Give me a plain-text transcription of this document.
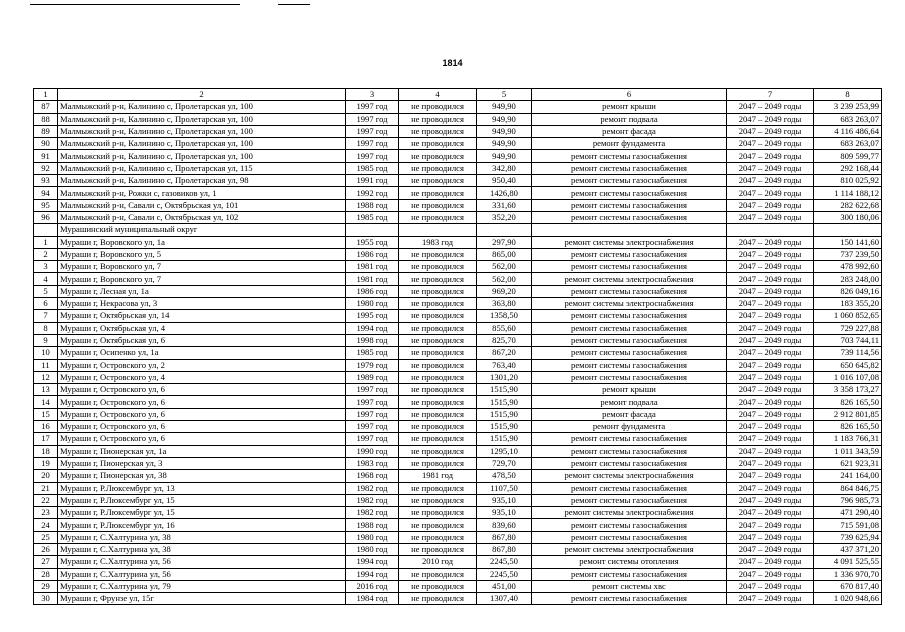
1814
1	2	3	4	5	6	7	8
87	Малмыжский р-н, Калинино с, Пролетарская ул, 100	1997 год	не проводился	949,90	ремонт крыши	2047 – 2049 годы	3 239 253,99
88	Малмыжский р-н, Калинино с, Пролетарская ул, 100	1997 год	не проводился	949,90	ремонт подвала	2047 – 2049 годы	683 263,07
89	Малмыжский р-н, Калинино с, Пролетарская ул, 100	1997 год	не проводился	949,90	ремонт фасада	2047 – 2049 годы	4 116 486,64
90	Малмыжский р-н, Калинино с, Пролетарская ул, 100	1997 год	не проводился	949,90	ремонт фундамента	2047 – 2049 годы	683 263,07
91	Малмыжский р-н, Калинино с, Пролетарская ул, 100	1997 год	не проводился	949,90	ремонт системы газоснабжения	2047 – 2049 годы	809 599,77
92	Малмыжский р-н, Калинино с, Пролетарская ул, 115	1985 год	не проводился	342,80	ремонт системы газоснабжения	2047 – 2049 годы	292 168,44
93	Малмыжский р-н, Калинино с, Пролетарская ул, 98	1991 год	не проводился	950,40	ремонт системы газоснабжения	2047 – 2049 годы	810 025,92
94	Малмыжский р-н, Рожки с, газовиков ул, 1	1992 год	не проводился	1426,80	ремонт системы газоснабжения	2047 – 2049 годы	1 114 188,12
95	Малмыжский р-н, Савали с, Октябрьская ул, 101	1988 год	не проводился	331,60	ремонт системы газоснабжения	2047 – 2049 годы	282 622,68
96	Малмыжский р-н, Савали с, Октябрьская ул, 102	1985 год	не проводился	352,20	ремонт системы газоснабжения	2047 – 2049 годы	300 180,06
	Мурашинский муниципальный округ						
1	Мураши г, Воровского ул, 1а	1955 год	1983 год	297,90	ремонт системы электроснабжения	2047 – 2049 годы	150 141,60
2	Мураши г, Воровского ул, 5	1986 год	не проводился	865,00	ремонт системы газоснабжения	2047 – 2049 годы	737 239,50
3	Мураши г, Воровского ул, 7	1981 год	не проводился	562,00	ремонт системы газоснабжения	2047 – 2049 годы	478 992,60
4	Мураши г, Воровского ул, 7	1981 год	не проводился	562,00	ремонт системы электроснабжения	2047 – 2049 годы	283 248,00
5	Мураши г, Лесная ул, 1а	1986 год	не проводился	969,20	ремонт системы газоснабжения	2047 – 2049 годы	826 049,16
6	Мураши г, Некрасова ул, 3	1980 год	не проводился	363,80	ремонт системы электроснабжения	2047 – 2049 годы	183 355,20
7	Мураши г, Октябрьская ул, 14	1995 год	не проводился	1358,50	ремонт системы газоснабжения	2047 – 2049 годы	1 060 852,65
8	Мураши г, Октябрьская ул, 4	1994 год	не проводился	855,60	ремонт системы газоснабжения	2047 – 2049 годы	729 227,88
9	Мураши г, Октябрьская ул, 6	1998 год	не проводился	825,70	ремонт системы газоснабжения	2047 – 2049 годы	703 744,11
10	Мураши г, Осипенко ул, 1а	1985 год	не проводился	867,20	ремонт системы газоснабжения	2047 – 2049 годы	739 114,56
11	Мураши г, Островского ул, 2	1979 год	не проводился	763,40	ремонт системы газоснабжения	2047 – 2049 годы	650 645,82
12	Мураши г, Островского ул, 4	1989 год	не проводился	1301,20	ремонт системы газоснабжения	2047 – 2049 годы	1 016 107,08
13	Мураши г, Островского ул, 6	1997 год	не проводился	1515,90	ремонт крыши	2047 – 2049 годы	3 358 173,27
14	Мураши г, Островского ул, 6	1997 год	не проводился	1515,90	ремонт подвала	2047 – 2049 годы	826 165,50
15	Мураши г, Островского ул, 6	1997 год	не проводился	1515,90	ремонт фасада	2047 – 2049 годы	2 912 801,85
16	Мураши г, Островского ул, 6	1997 год	не проводился	1515,90	ремонт фундамента	2047 – 2049 годы	826 165,50
17	Мураши г, Островского ул, 6	1997 год	не проводился	1515,90	ремонт системы газоснабжения	2047 – 2049 годы	1 183 766,31
18	Мураши г, Пионерская ул, 1а	1990 год	не проводился	1295,10	ремонт системы газоснабжения	2047 – 2049 годы	1 011 343,59
19	Мураши г, Пионерская ул, 3	1983 год	не проводился	729,70	ремонт системы газоснабжения	2047 – 2049 годы	621 923,31
20	Мураши г, Пионерская ул, 38	1968 год	1981 год	478,50	ремонт системы электроснабжения	2047 – 2049 годы	241 164,00
21	Мураши г, Р.Люксембург ул, 13	1982 год	не проводился	1107,50	ремонт системы газоснабжения	2047 – 2049 годы	864 846,75
22	Мураши г, Р.Люксембург ул, 15	1982 год	не проводился	935,10	ремонт системы газоснабжения	2047 – 2049 годы	796 985,73
23	Мураши г, Р.Люксембург ул, 15	1982 год	не проводился	935,10	ремонт системы электроснабжения	2047 – 2049 годы	471 290,40
24	Мураши г, Р.Люксембург ул, 16	1988 год	не проводился	839,60	ремонт системы газоснабжения	2047 – 2049 годы	715 591,08
25	Мураши г, С.Халтурина ул, 38	1980 год	не проводился	867,80	ремонт системы газоснабжения	2047 – 2049 годы	739 625,94
26	Мураши г, С.Халтурина ул, 38	1980 год	не проводился	867,80	ремонт системы электроснабжения	2047 – 2049 годы	437 371,20
27	Мураши г, С.Халтурина ул, 56	1994 год	2010 год	2245,50	ремонт системы отопления	2047 – 2049 годы	4 091 525,55
28	Мураши г, С.Халтурина ул, 56	1994 год	не проводился	2245,50	ремонт системы газоснабжения	2047 – 2049 годы	1 336 970,70
29	Мураши г, С.Халтурина ул, 79	2016 год	не проводился	451,00	ремонт системы хвс	2047 – 2049 годы	670 817,40
30	Мураши г, Фрунзе ул, 15г	1984 год	не проводился	1307,40	ремонт системы газоснабжения	2047 – 2049 годы	1 020 948,66
